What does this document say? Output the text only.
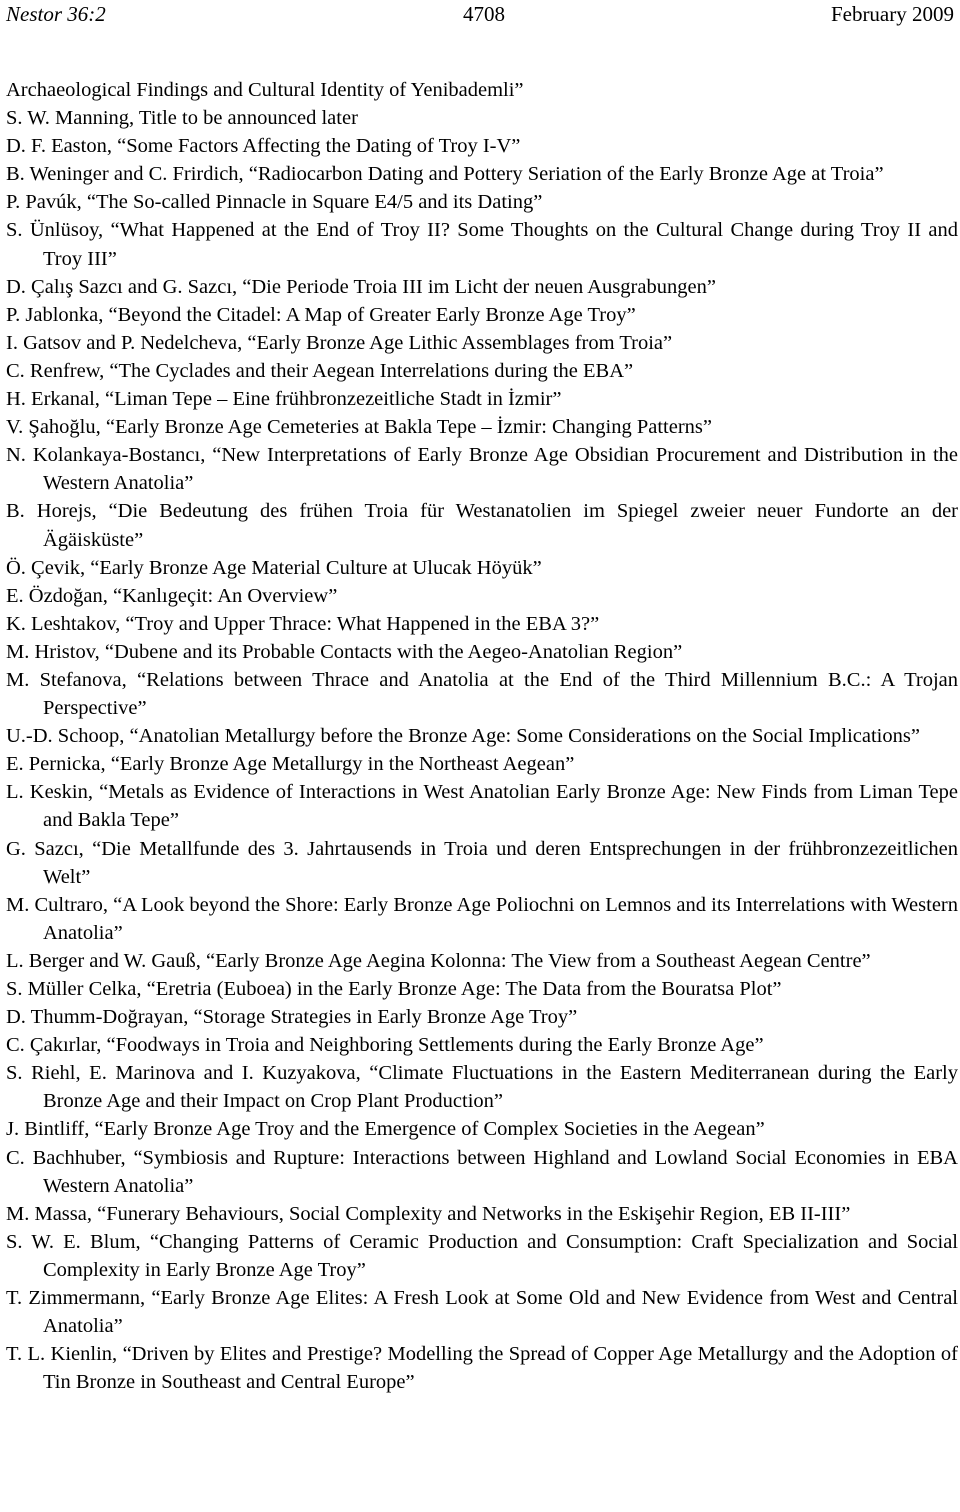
Nestor 36:2	4708	February 2009
Archaeological Findings and Cultural Identity of Yenibademli”
S. W. Manning, Title to be announced later
D. F. Easton, “Some Factors Affecting the Dating of Troy I-V”
B. Weninger and C. Frirdich, “Radiocarbon Dating and Pottery Seriation of the Early Bronze Age at Troia”
P. Pavúk, “The So-called Pinnacle in Square E4/5 and its Dating”
S. Ünlüsoy, “What Happened at the End of Troy II? Some Thoughts on the Cultural Change during Troy II and Troy III”
D. Çalış Sazcı and G. Sazcı, “Die Periode Troia III im Licht der neuen Ausgrabungen”
P. Jablonka, “Beyond the Citadel: A Map of Greater Early Bronze Age Troy”
I. Gatsov and P. Nedelcheva, “Early Bronze Age Lithic Assemblages from Troia”
C. Renfrew, “The Cyclades and their Aegean Interrelations during the EBA”
H. Erkanal, “Liman Tepe – Eine frühbronzezeitliche Stadt in İzmir”
V. Şahoğlu, “Early Bronze Age Cemeteries at Bakla Tepe – İzmir: Changing Patterns”
N. Kolankaya-Bostancı, “New Interpretations of Early Bronze Age Obsidian Procurement and Distribution in the Western Anatolia”
B. Horejs, “Die Bedeutung des frühen Troia für Westanatolien im Spiegel zweier neuer Fundorte an der Ägäisküste”
Ö. Çevik, “Early Bronze Age Material Culture at Ulucak Höyük”
E. Özdoğan, “Kanlıgeçit: An Overview”
K. Leshtakov, “Troy and Upper Thrace: What Happened in the EBA 3?”
M. Hristov, “Dubene and its Probable Contacts with the Aegeo-Anatolian Region”
M. Stefanova, “Relations between Thrace and Anatolia at the End of the Third Millennium B.C.: A Trojan Perspective”
U.-D. Schoop, “Anatolian Metallurgy before the Bronze Age: Some Considerations on the Social Implications”
E. Pernicka, “Early Bronze Age Metallurgy in the Northeast Aegean”
L. Keskin, “Metals as Evidence of Interactions in West Anatolian Early Bronze Age: New Finds from Liman Tepe and Bakla Tepe”
G. Sazcı, “Die Metallfunde des 3. Jahrtausends in Troia und deren Entsprechungen in der frühbronzezeitlichen Welt”
M. Cultraro, “A Look beyond the Shore: Early Bronze Age Poliochni on Lemnos and its Interrelations with Western Anatolia”
L. Berger and W. Gauß, “Early Bronze Age Aegina Kolonna: The View from a Southeast Aegean Centre”
S. Müller Celka, “Eretria (Euboea) in the Early Bronze Age: The Data from the Bouratsa Plot”
D. Thumm-Doğrayan, “Storage Strategies in Early Bronze Age Troy”
C. Çakırlar, “Foodways in Troia and Neighboring Settlements during the Early Bronze Age”
S. Riehl, E. Marinova and I. Kuzyakova, “Climate Fluctuations in the Eastern Mediterranean during the Early Bronze Age and their Impact on Crop Plant Production”
J. Bintliff, “Early Bronze Age Troy and the Emergence of Complex Societies in the Aegean”
C. Bachhuber, “Symbiosis and Rupture: Interactions between Highland and Lowland Social Economies in EBA Western Anatolia”
M. Massa, “Funerary Behaviours, Social Complexity and Networks in the Eskişehir Region, EB II-III”
S. W. E. Blum, “Changing Patterns of Ceramic Production and Consumption: Craft Specialization and Social Complexity in Early Bronze Age Troy”
T. Zimmermann, “Early Bronze Age Elites: A Fresh Look at Some Old and New Evidence from West and Central Anatolia”
T. L. Kienlin, “Driven by Elites and Prestige? Modelling the Spread of Copper Age Metallurgy and the Adoption of Tin Bronze in Southeast and Central Europe”
